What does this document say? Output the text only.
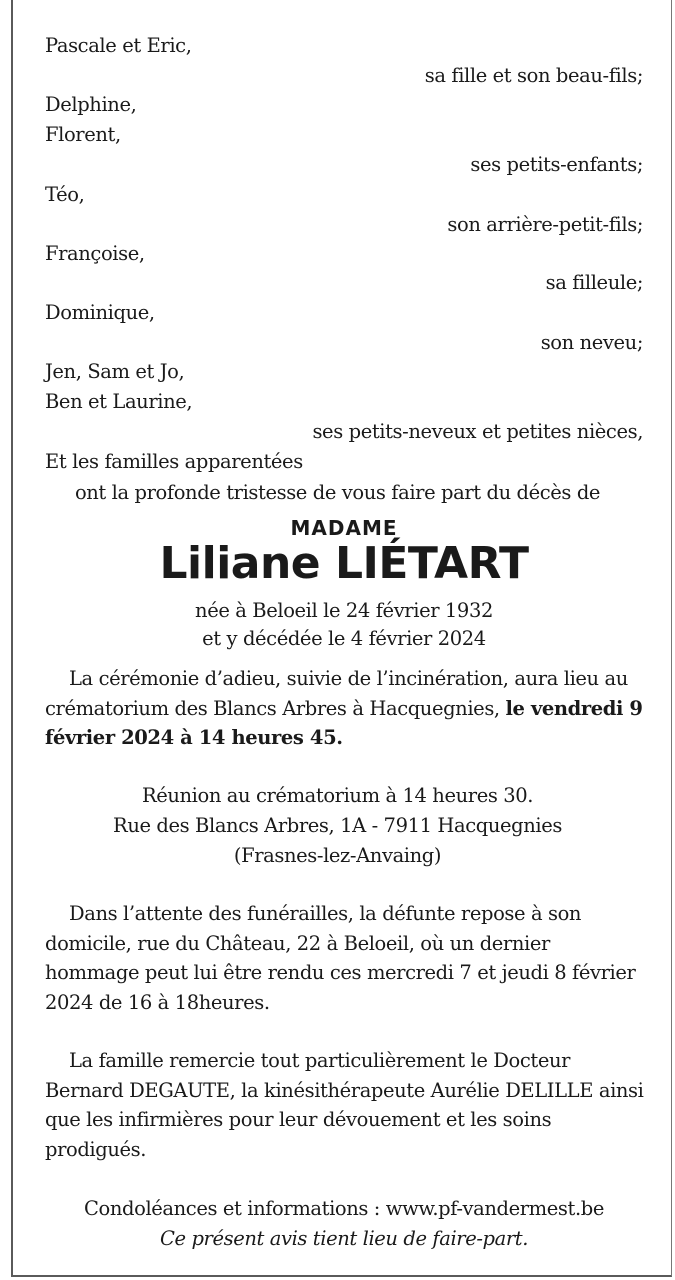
Pascale et Eric,
sa fille et son beau-fils;
Delphine,
Florent,
ses petits-enfants;
Téo,
son arrière-petit-fils;
Françoise,
sa filleule;
Dominique,
son neveu;
Jen, Sam et Jo,
Ben et Laurine,
ses petits-neveux et petites nièces,
Et les familles apparentées
ont la profonde tristesse de vous faire part du décès de
MADAME
Liliane LIÉTART
née à Beloeil le 24 février 1932
et y décédée le 4 février 2024
La cérémonie d’adieu, suivie de l’incinération, aura lieu au crématorium des Blancs Arbres à Hacquegnies, le vendredi 9 février 2024 à 14 heures 45.
Réunion au crématorium à 14 heures 30.
Rue des Blancs Arbres, 1A - 7911 Hacquegnies
(Frasnes-lez-Anvaing)
Dans l’attente des funérailles, la défunte repose à son domicile, rue du Château, 22 à Beloeil, où un dernier hommage peut lui être rendu ces mercredi 7 et jeudi 8 février 2024 de 16 à 18heures.
La famille remercie tout particulièrement le Docteur Bernard DEGAUTE, la kinésithérapeute Aurélie DELILLE ainsi que les infirmières pour leur dévouement et les soins prodigués.
Condoléances et informations : www.pf-vandermest.be
Ce présent avis tient lieu de faire-part.
